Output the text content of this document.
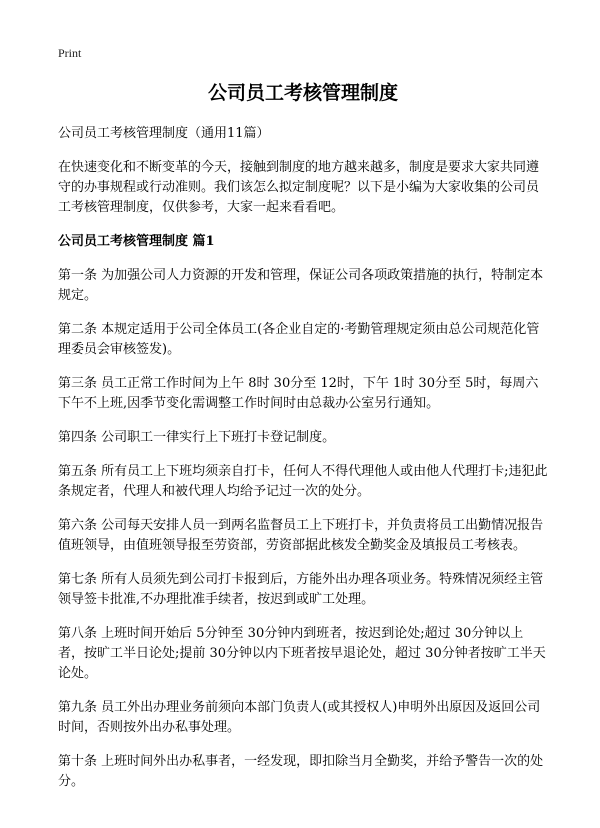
Print
公司员工考核管理制度

公司员工考核管理制度（通用11篇）

在快速变化和不断变革的今天，接触到制度的地方越来越多，制度是要求大家共同遵守的办事规程或行动准则。我们该怎么拟定制度呢？以下是小编为大家收集的公司员工考核管理制度，仅供参考，大家一起来看看吧。

公司员工考核管理制度 篇1

第一条 为加强公司人力资源的开发和管理，保证公司各项政策措施的执行，特制定本规定。

第二条 本规定适用于公司全体员工(各企业自定的·考勤管理规定须由总公司规范化管理委员会审核签发)。

第三条 员工正常工作时间为上午 8时 30分至 12时，下午 1时 30分至 5时，每周六下午不上班,因季节变化需调整工作时间时由总裁办公室另行通知。

第四条 公司职工一律实行上下班打卡登记制度。

第五条 所有员工上下班均须亲自打卡，任何人不得代理他人或由他人代理打卡;违犯此条规定者，代理人和被代理人均给予记过一次的处分。

第六条 公司每天安排人员一到两名监督员工上下班打卡，并负责将员工出勤情况报告值班领导，由值班领导报至劳资部，劳资部据此核发全勤奖金及填报员工考核表。

第七条 所有人员须先到公司打卡报到后，方能外出办理各项业务。特殊情况须经主管领导签卡批准,不办理批准手续者，按迟到或旷工处理。

第八条 上班时间开始后 5分钟至 30分钟内到班者，按迟到论处;超过 30分钟以上者，按旷工半日论处;提前 30分钟以内下班者按早退论处，超过 30分钟者按旷工半天论处。

第九条 员工外出办理业务前须向本部门负责人(或其授权人)申明外出原因及返回公司时间，否则按外出办私事处理。

第十条 上班时间外出办私事者，一经发现，即扣除当月全勤奖，并给予警告一次的处分。
